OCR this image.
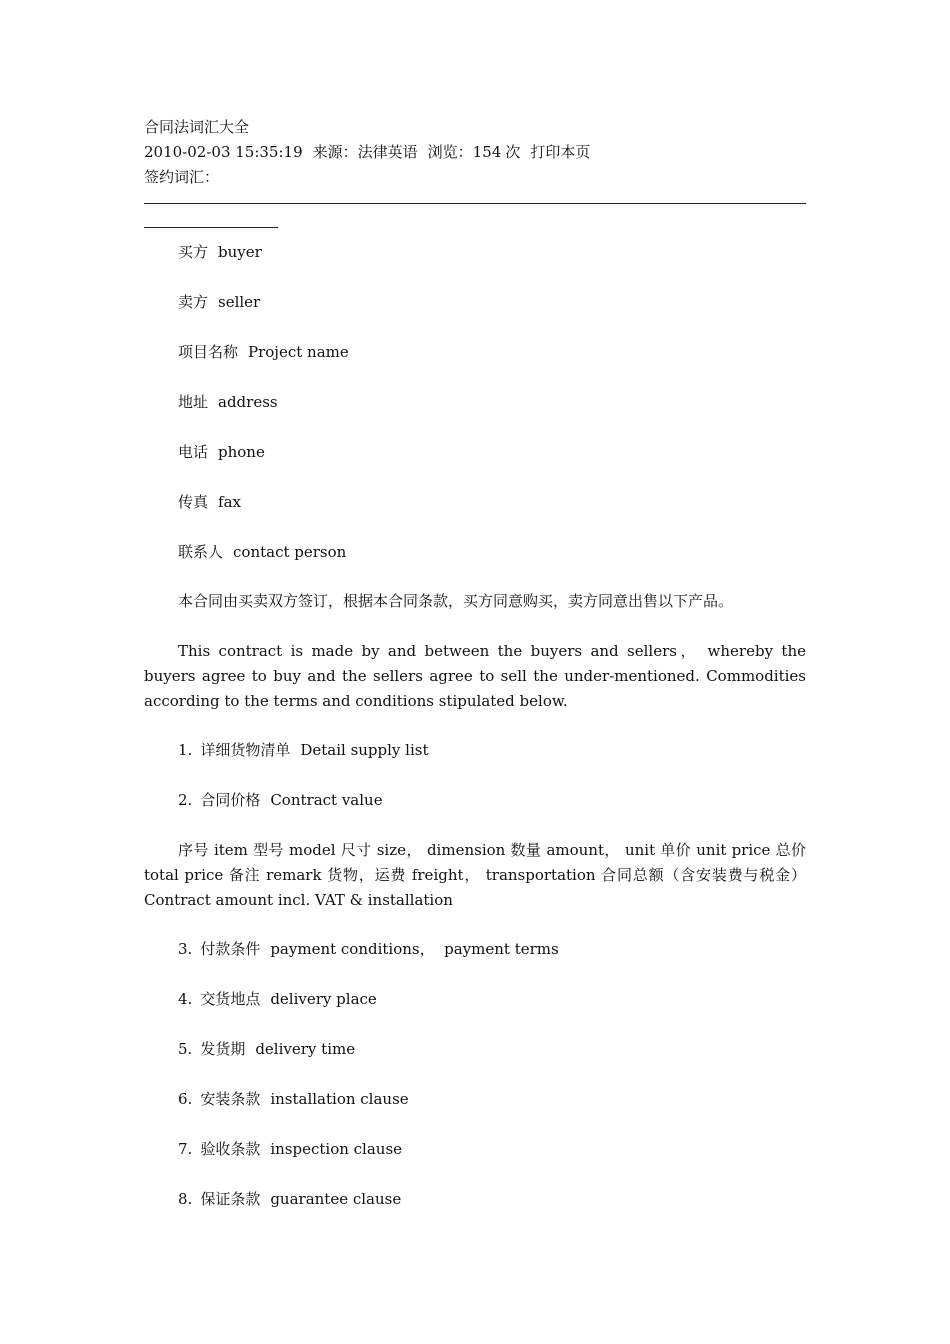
合同法词汇大全
2010-02-03 15:35:19 来源：法律英语 浏览：154 次 打印本页
签约词汇：
买方 buyer
卖方 seller
项目名称 Project name
地址 address
电话 phone
传真 fax
联系人 contact person
本合同由买卖双方签订，根据本合同条款，买方同意购买，卖方同意出售以下产品。
This contract is made by and between the buyers and sellers， whereby the buyers agree to buy and the sellers agree to sell the under-mentioned. Commodities according to the terms and conditions stipulated below.
1. 详细货物清单 Detail supply list
2. 合同价格 Contract value
序号 item 型号 model 尺寸 size， dimension 数量 amount， unit 单价 unit price 总价 total price 备注 remark 货物，运费 freight， transportation 合同总额（含安装费与税金）Contract amount incl. VAT & installation
3. 付款条件 payment conditions，  payment terms
4. 交货地点 delivery place
5. 发货期 delivery time
6. 安装条款 installation clause
7. 验收条款 inspection clause
8. 保证条款 guarantee clause
